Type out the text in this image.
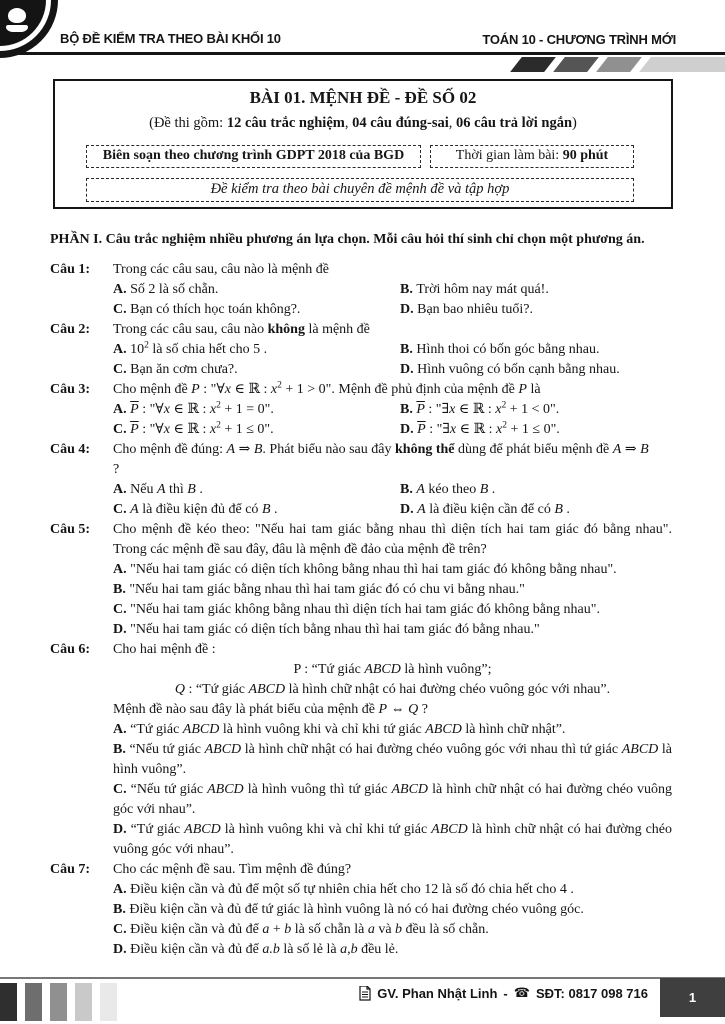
BỘ ĐỀ KIỂM TRA THEO BÀI KHỐI 10	TOÁN 10 - CHƯƠNG TRÌNH MỚI
BÀI 01. MỆNH ĐỀ - ĐỀ SỐ 02
(Đề thi gồm: 12 câu trắc nghiệm, 04 câu đúng-sai, 06 câu trả lời ngắn)
Biên soạn theo chương trình GDPT 2018 của BGD	Thời gian làm bài: 90 phút
Đề kiểm tra theo bài chuyên đề mệnh đề và tập hợp
PHẦN I. Câu trắc nghiệm nhiều phương án lựa chọn. Mỗi câu hỏi thí sinh chỉ chọn một phương án.
Câu 1:	Trong các câu sau, câu nào là mệnh đề
A. Số 2 là số chẵn.	B. Trời hôm nay mát quá!.
C. Bạn có thích học toán không?.	D. Bạn bao nhiêu tuổi?.
Câu 2:	Trong các câu sau, câu nào không là mệnh đề
A. $10^2$ là số chia hết cho 5 .	B. Hình thoi có bốn góc bằng nhau.
C. Bạn ăn cơm chưa?.	D. Hình vuông có bốn cạnh bằng nhau.
Câu 3:	Cho mệnh đề P : "∀x ∈ ℝ : $x^2 + 1 > 0$". Mệnh đề phủ định của mệnh đề P là
A. $\overline{P}$ : "∀x ∈ ℝ : $x^2 + 1 = 0$".	B. $\overline{P}$ : "∃x ∈ ℝ : $x^2 + 1 < 0$".
C. $\overline{P}$ : "∀x ∈ ℝ : $x^2 + 1 \le 0$".	D. $\overline{P}$ : "∃x ∈ ℝ : $x^2 + 1 \le 0$".
Câu 4:	Cho mệnh đề đúng: A ⇒ B. Phát biểu nào sau đây không thể dùng để phát biểu mệnh đề A ⇒ B
?
A. Nếu A thì B .	B. A kéo theo B .
C. A là điều kiện đủ để có B .	D. A là điều kiện cần để có B .
Câu 5:	Cho mệnh đề kéo theo: "Nếu hai tam giác bằng nhau thì diện tích hai tam giác đó bằng nhau". Trong các mệnh đề sau đây, đâu là mệnh đề đảo của mệnh đề trên?
A. "Nếu hai tam giác có diện tích không bằng nhau thì hai tam giác đó không bằng nhau".
B. "Nếu hai tam giác bằng nhau thì hai tam giác đó có chu vi bằng nhau."
C. "Nếu hai tam giác không bằng nhau thì diện tích hai tam giác đó không bằng nhau".
D. "Nếu hai tam giác có diện tích bằng nhau thì hai tam giác đó bằng nhau."
Câu 6:	Cho hai mệnh đề :
P : “Tứ giác ABCD là hình vuông”;
Q : “Tứ giác ABCD là hình chữ nhật có hai đường chéo vuông góc với nhau”.
Mệnh đề nào sau đây là phát biểu của mệnh đề P ⇔ Q ?
A. “Tứ giác ABCD là hình vuông khi và chỉ khi tứ giác ABCD là hình chữ nhật”.
B. “Nếu tứ giác ABCD là hình chữ nhật có hai đường chéo vuông góc với nhau thì tứ giác ABCD là hình vuông”.
C. “Nếu tứ giác ABCD là hình vuông thì tứ giác ABCD là hình chữ nhật có hai đường chéo vuông góc với nhau”.
D. “Tứ giác ABCD là hình vuông khi và chỉ khi tứ giác ABCD là hình chữ nhật có hai đường chéo vuông góc với nhau”.
Câu 7:	Cho các mệnh đề sau. Tìm mệnh đề đúng?
A. Điều kiện cần và đủ để một số tự nhiên chia hết cho 12 là số đó chia hết cho 4 .
B. Điều kiện cần và đủ để tứ giác là hình vuông là nó có hai đường chéo vuông góc.
C. Điều kiện cần và đủ để a + b là số chẵn là a và b đều là số chẵn.
D. Điều kiện cần và đủ để a.b là số lẻ là a,b đều lẻ.
GV. Phan Nhật Linh - ☎ SĐT: 0817 098 716	1
